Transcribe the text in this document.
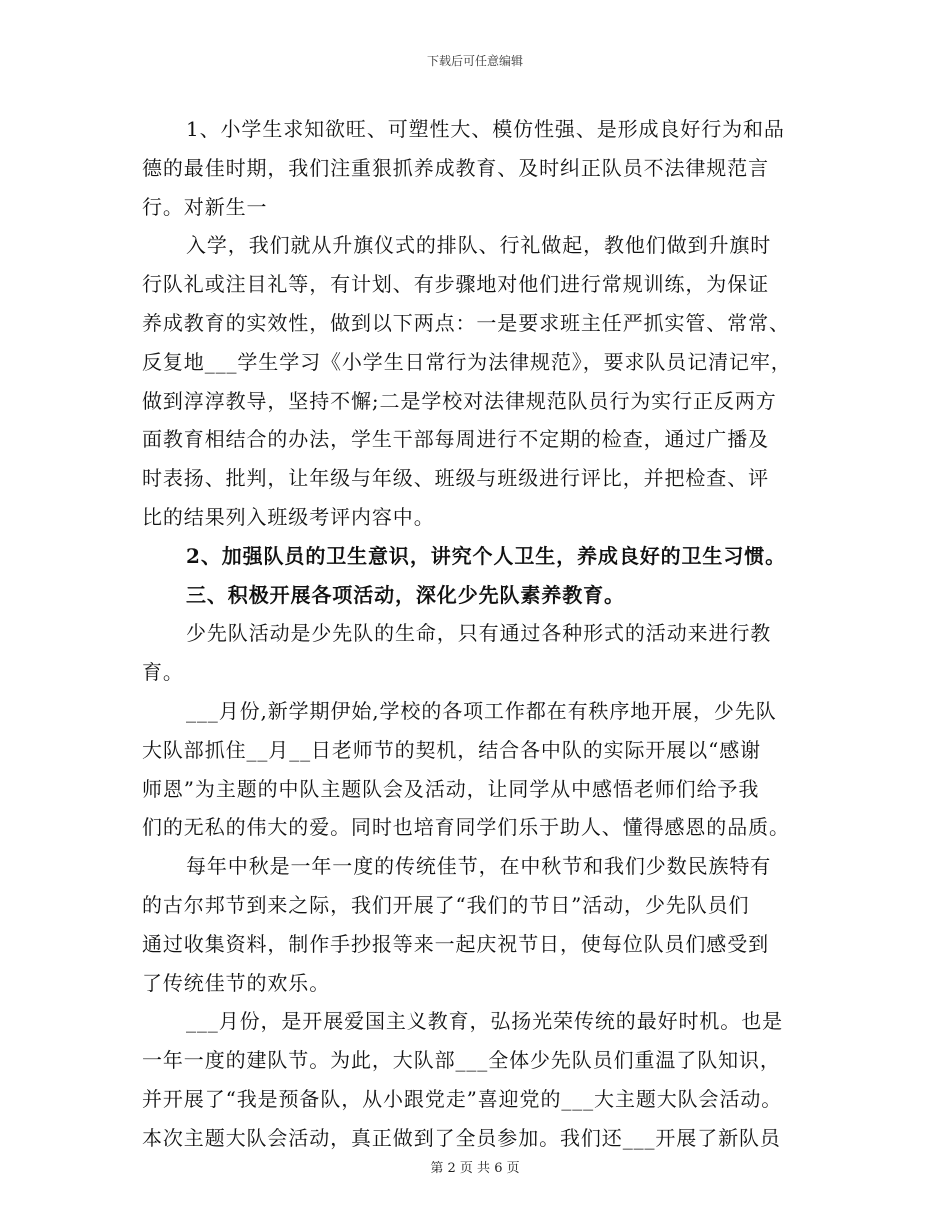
下载后可任意编辑
1、小学生求知欲旺、可塑性大、模仿性强、是形成良好行为和品
德的最佳时期，我们注重狠抓养成教育、及时纠正队员不法律规范言
行。对新生一
入学，我们就从升旗仪式的排队、行礼做起，教他们做到升旗时
行队礼或注目礼等，有计划、有步骤地对他们进行常规训练，为保证
养成教育的实效性，做到以下两点：一是要求班主任严抓实管、常常、
反复地___学生学习《小学生日常行为法律规范》，要求队员记清记牢，
做到淳淳教导，坚持不懈;二是学校对法律规范队员行为实行正反两方
面教育相结合的办法，学生干部每周进行不定期的检查，通过广播及
时表扬、批判，让年级与年级、班级与班级进行评比，并把检查、评
比的结果列入班级考评内容中。
2、加强队员的卫生意识，讲究个人卫生，养成良好的卫生习惯。
三、积极开展各项活动，深化少先队素养教育。
少先队活动是少先队的生命，只有通过各种形式的活动来进行教
育。
___月份,新学期伊始,学校的各项工作都在有秩序地开展，少先队
大队部抓住__月__日老师节的契机，结合各中队的实际开展以“感谢
师恩”为主题的中队主题队会及活动，让同学从中感悟老师们给予我
们的无私的伟大的爱。同时也培育同学们乐于助人、懂得感恩的品质。
每年中秋是一年一度的传统佳节，在中秋节和我们少数民族特有
的古尔邦节到来之际，我们开展了“我们的节日”活动，少先队员们
通过收集资料，制作手抄报等来一起庆祝节日，使每位队员们感受到
了传统佳节的欢乐。
___月份，是开展爱国主义教育，弘扬光荣传统的最好时机。也是
一年一度的建队节。为此，大队部___全体少先队员们重温了队知识，
并开展了“我是预备队，从小跟党走”喜迎党的___大主题大队会活动。
本次主题大队会活动，真正做到了全员参加。我们还___开展了新队员
第 2 页 共 6 页
